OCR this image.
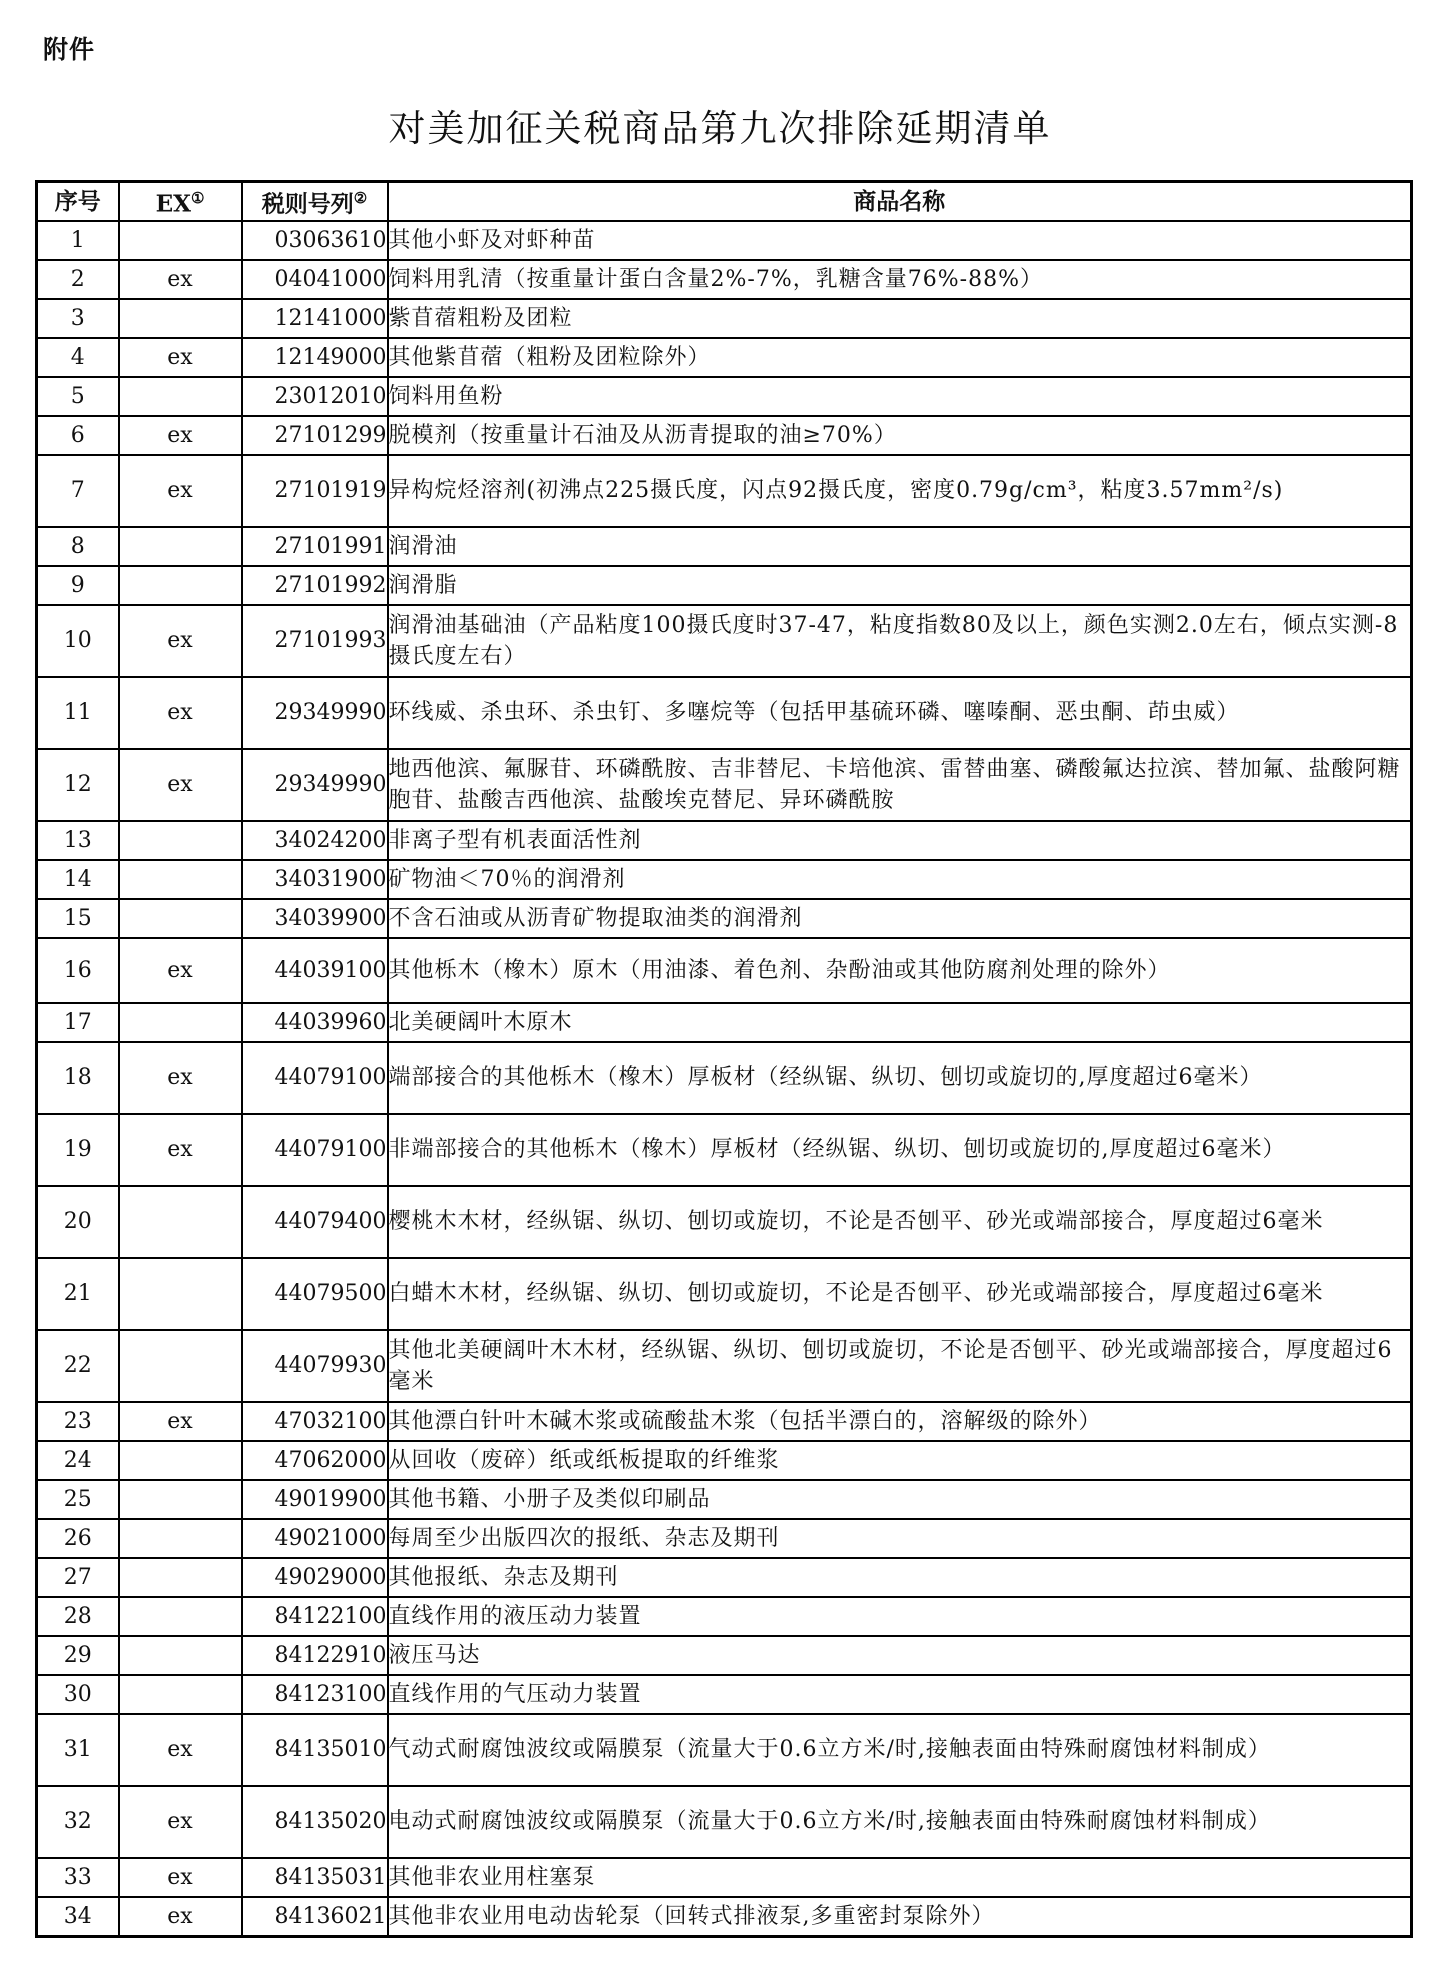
附件
对美加征关税商品第九次排除延期清单
序号	EX①	税则号列②	商品名称
1		03063610	其他小虾及对虾种苗
2	ex	04041000	饲料用乳清（按重量计蛋白含量2%-7%，乳糖含量76%-88%）
3		12141000	紫苜蓿粗粉及团粒
4	ex	12149000	其他紫苜蓿（粗粉及团粒除外）
5		23012010	饲料用鱼粉
6	ex	27101299	脱模剂（按重量计石油及从沥青提取的油≥70%）
7	ex	27101919	异构烷烃溶剂(初沸点225摄氏度，闪点92摄氏度，密度0.79g/cm³，粘度3.57mm²/s)
8		27101991	润滑油
9		27101992	润滑脂
10	ex	27101993	润滑油基础油（产品粘度100摄氏度时37-47，粘度指数80及以上，颜色实测2.0左右，倾点实测-8摄氏度左右）
11	ex	29349990	环线威、杀虫环、杀虫钉、多噻烷等（包括甲基硫环磷、噻嗪酮、恶虫酮、茚虫威）
12	ex	29349990	地西他滨、氟脲苷、环磷酰胺、吉非替尼、卡培他滨、雷替曲塞、磷酸氟达拉滨、替加氟、盐酸阿糖胞苷、盐酸吉西他滨、盐酸埃克替尼、异环磷酰胺
13		34024200	非离子型有机表面活性剂
14		34031900	矿物油＜70％的润滑剂
15		34039900	不含石油或从沥青矿物提取油类的润滑剂
16	ex	44039100	其他栎木（橡木）原木（用油漆、着色剂、杂酚油或其他防腐剂处理的除外）
17		44039960	北美硬阔叶木原木
18	ex	44079100	端部接合的其他栎木（橡木）厚板材（经纵锯、纵切、刨切或旋切的,厚度超过6毫米）
19	ex	44079100	非端部接合的其他栎木（橡木）厚板材（经纵锯、纵切、刨切或旋切的,厚度超过6毫米）
20		44079400	樱桃木木材，经纵锯、纵切、刨切或旋切，不论是否刨平、砂光或端部接合，厚度超过6毫米
21		44079500	白蜡木木材，经纵锯、纵切、刨切或旋切，不论是否刨平、砂光或端部接合，厚度超过6毫米
22		44079930	其他北美硬阔叶木木材，经纵锯、纵切、刨切或旋切，不论是否刨平、砂光或端部接合，厚度超过6毫米
23	ex	47032100	其他漂白针叶木碱木浆或硫酸盐木浆（包括半漂白的，溶解级的除外）
24		47062000	从回收（废碎）纸或纸板提取的纤维浆
25		49019900	其他书籍、小册子及类似印刷品
26		49021000	每周至少出版四次的报纸、杂志及期刊
27		49029000	其他报纸、杂志及期刊
28		84122100	直线作用的液压动力装置
29		84122910	液压马达
30		84123100	直线作用的气压动力装置
31	ex	84135010	气动式耐腐蚀波纹或隔膜泵（流量大于0.6立方米/时,接触表面由特殊耐腐蚀材料制成）
32	ex	84135020	电动式耐腐蚀波纹或隔膜泵（流量大于0.6立方米/时,接触表面由特殊耐腐蚀材料制成）
33	ex	84135031	其他非农业用柱塞泵
34	ex	84136021	其他非农业用电动齿轮泵（回转式排液泵,多重密封泵除外）
